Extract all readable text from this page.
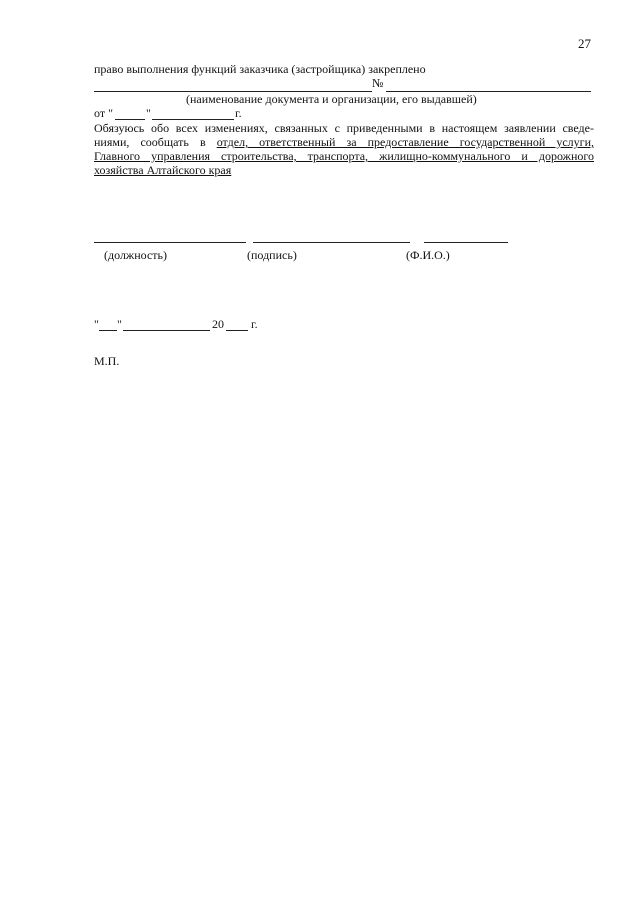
27
право выполнения функций заказчика (застройщика) закреплено
№
(наименование документа и организации, его выдавшей)
от "	"	г.
Обязуюсь обо всех изменениях, связанных с приведенными в настоящем заявлении сведе-
ниями, сообщать в отдел, ответственный за предоставление государственной услуги,
Главного управления строительства, транспорта, жилищно-коммунального и дорожного
хозяйства Алтайского края
(должность)	(подпись)	(Ф.И.О.)
" "	20 г.
М.П.
